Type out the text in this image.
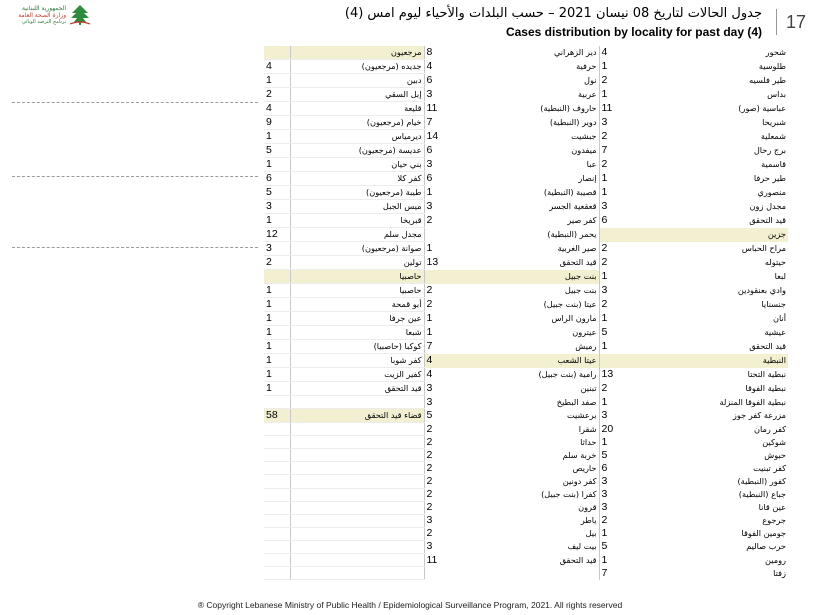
الجمهورية اللبنانية
وزارة الصحة العامة
برنامج الترصد الوبائي
جدول الحالات لتاريخ 08 نيسان 2021 – حسب البلدات والأحياء ليوم امس (4)
Cases distribution by locality for past day (4)	17
	مرجعيون	8	دير الزهراني	4	شحور
4	جديده (مرجعيون)	4	حرفية	1	طلوسية
1	دبين	6	نول	2	طير فلسيه
2	إبل السقي	3	عربية	1	بداس
4	قليعة	11	حاروف (النبطية)	11	عباسية (صور)
9	خيام (مرجعيون)	7	دوير (النبطية)	3	شبريحا
1	ديرمياس	14	جبشيت	2	شمعلية
5	عديسة (مرجعيون)	6	ميفدون	7	برج رحال
1	بني حيان	3	عبا	2	قاسمية
6	كفر كلا	6	إنصار	1	طير حرفا
5	طيبة (مرجعيون)	1	قصيبة (النبطية)	1	منصوري
3	ميس الجبل	3	قعقعية الجسر	3	مجدل زون
1	قبريخا	2	كفر صير	6	قيد التحقق
12	مجدل سلم		يحمر (النبطية)		جزين
3	صوانة (مرجعيون)	1	صير الغربية	2	مراح الحباس
2	تولين	13	قيد التحقق	2	حيتوله
	حاصبيا		بنت جبيل	1	لبعا
1	حاصبيا	2	بنت جبيل	3	وادي بعنقودين
1	أبو قمحة	2	عيتا (بنت جبيل)	2	جنسنايا
1	عين جرفا	1	مارون الراس	1	أنان
1	شبعا	1	عيترون	5	عيشية
1	كوكبا (حاصبيا)	7	رميش	1	قيد التحقق
1	كفر شوبا	4	عيتا الشعب		النبطية
1	كفير الزيت	4	رامية (بنت جبيل)	13	نبطية التحتا
1	قيد التحقق	3	تبنين	2	نبطية الفوقا
		3	صفد البطيخ	1	نبطية الفوقا المنزلة
58	قضاء قيد التحقق	5	برعشيت	3	مزرعة كفر جوز
		2	شقرا	20	كفر رمان
		2	حداثا	1	شوكين
		2	خربة سلم	5	حبوش
		2	حاريص	6	كفر تبنيت
		2	كفر دونين	3	كفور (النبطية)
		2	كفرا (بنت جبيل)	3	جباع (النبطية)
		2	قرون	3	عين قانا
		3	ياطر	2	جرجوع
		2	بيل	1	جومين الفوقا
		3	بيت ليف	5	حرب صاليم
		11	قيد التحقق	1	رومين
				7	زفتا
® Copyright Lebanese Ministry of Public Health / Epidemiological Surveillance Program, 2021. All rights reserved
